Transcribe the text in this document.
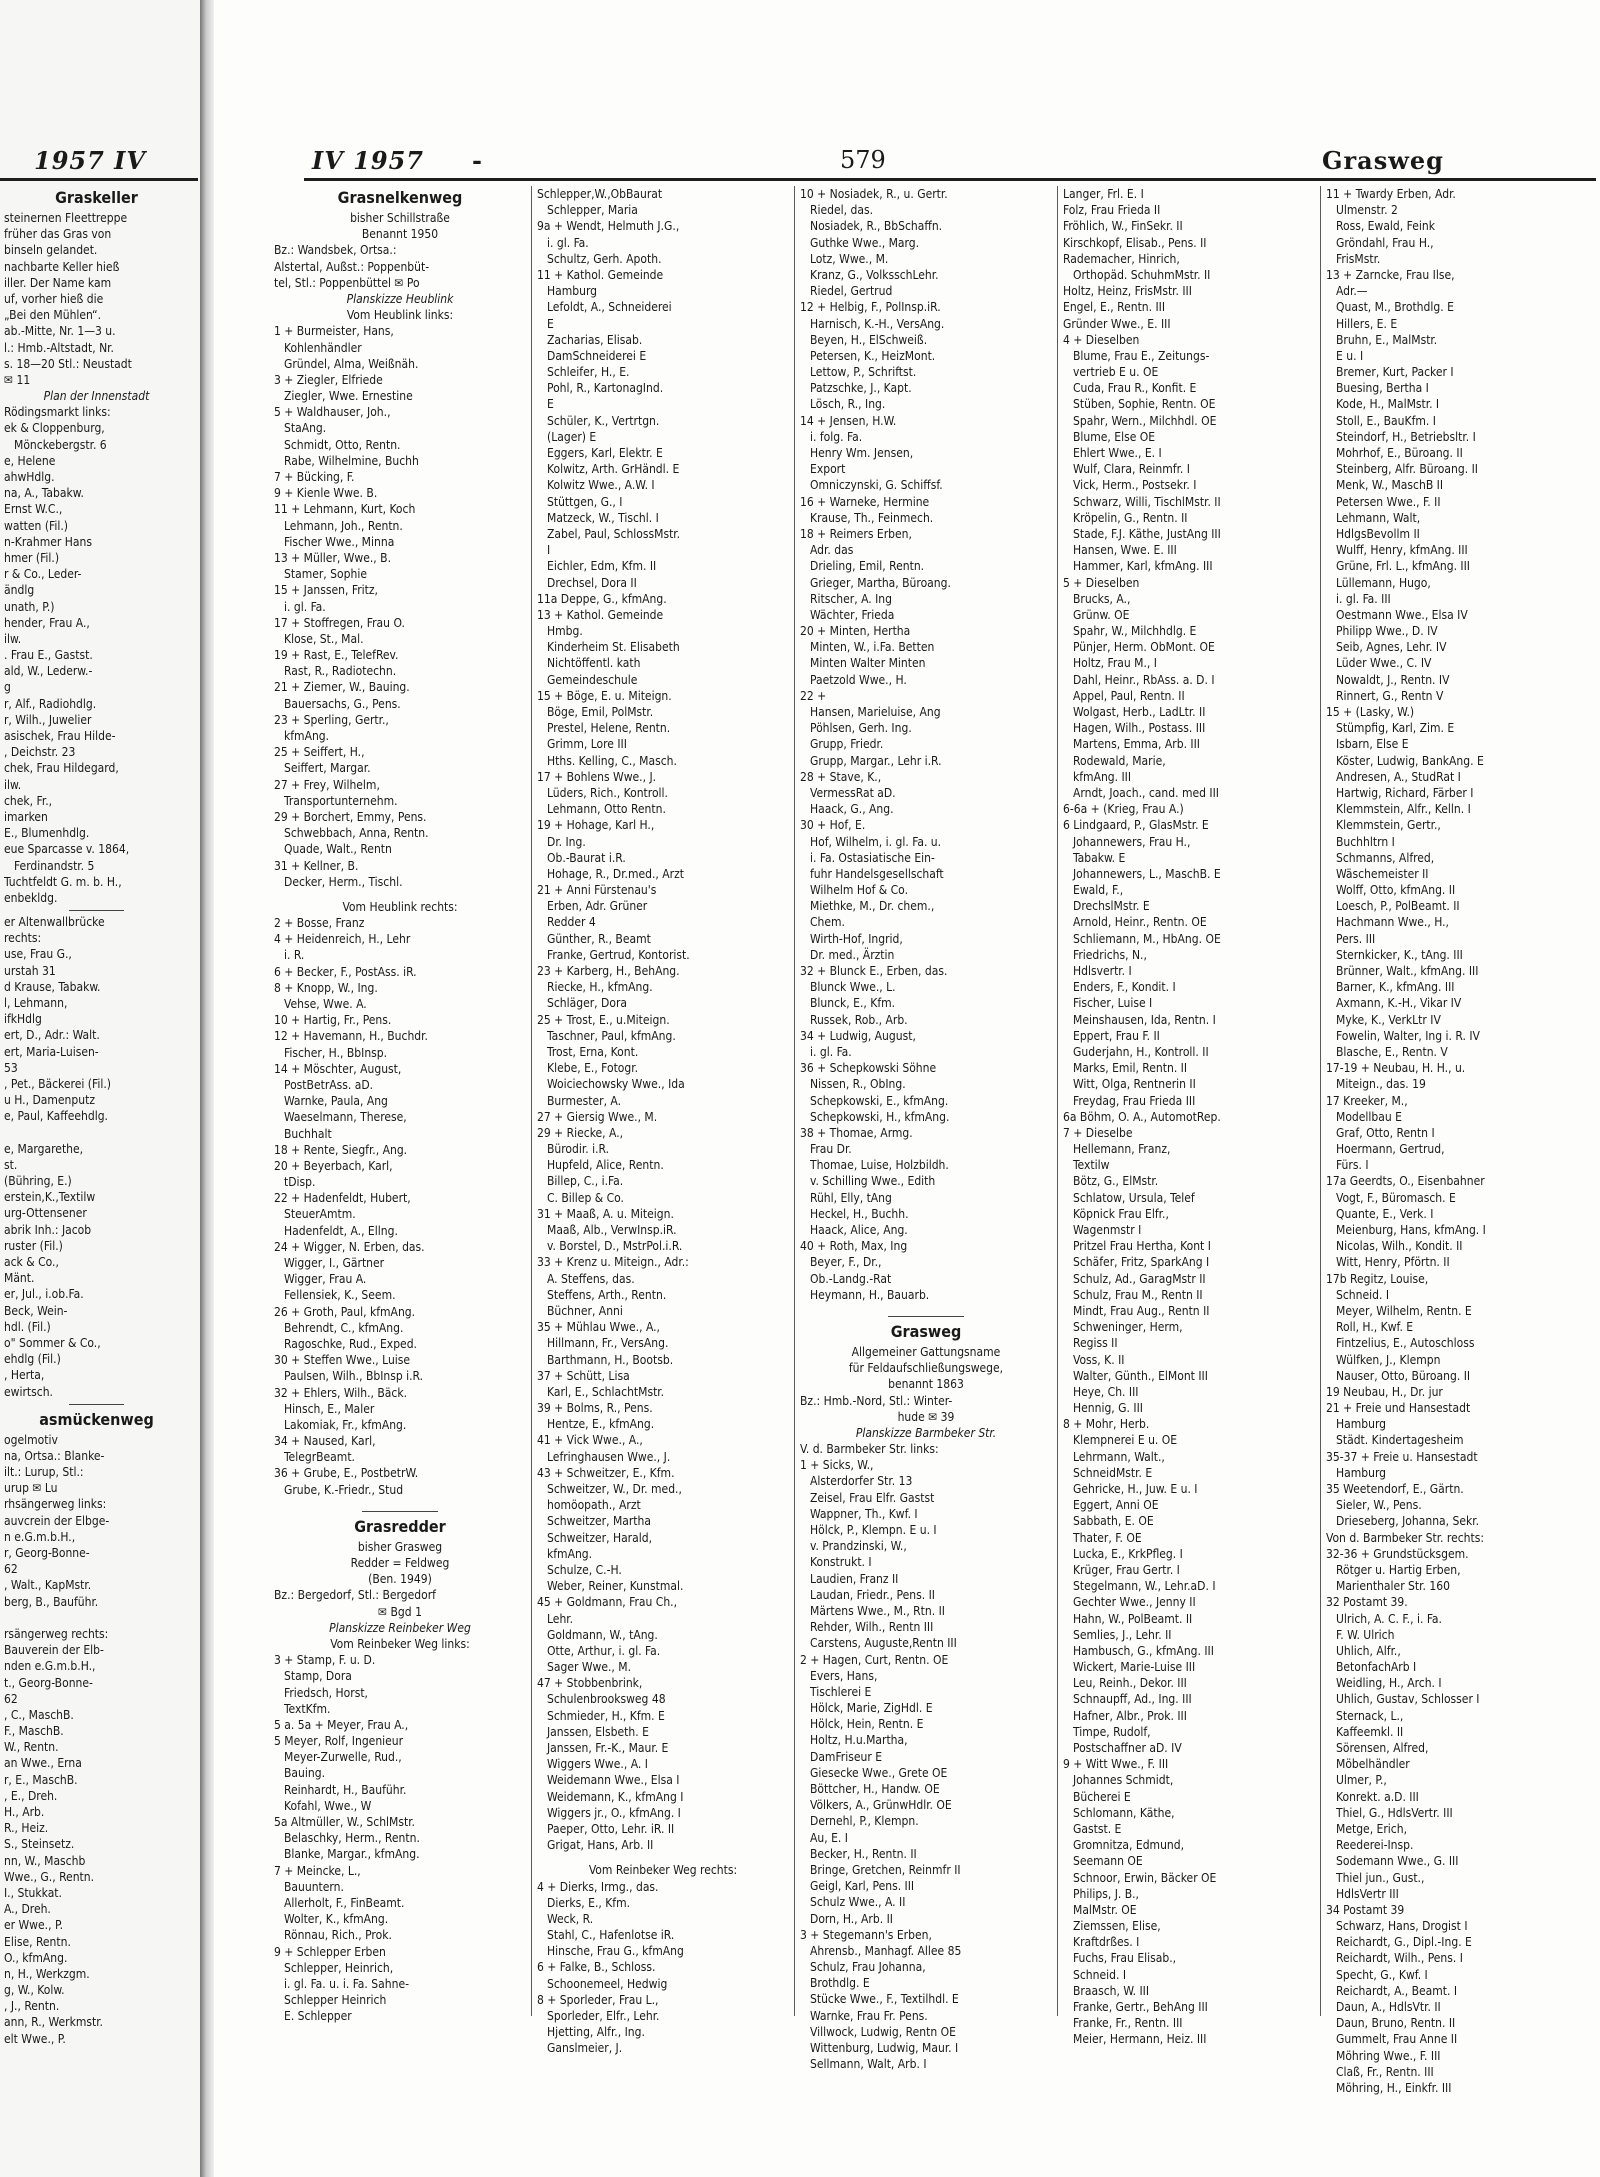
1957 IV
Graskeller
steinernen Fleettreppe
früher das Gras von
binseln gelandet.
nachbarte Keller hieß
iller. Der Name kam
uf, vorher hieß die
„Bei den Mühlen“.
ab.-Mitte, Nr. 1—3 u.
l.: Hmb.-Altstadt, Nr.
s. 18—20 Stl.: Neustadt
✉ 11
Plan der Innenstadt
Rödingsmarkt links:
ek & Cloppenburg,
Mönckebergstr. 6
e, Helene
ahwHdlg.
na, A., Tabakw.
Ernst W.C.,
watten (Fil.)
n-Krahmer Hans
hmer (Fil.)
r & Co., Leder-
ändlg
unath, P.)
hender, Frau A.,
ilw.
. Frau E., Gastst.
ald, W., Lederw.-
g
r, Alf., Radiohdlg.
r, Wilh., Juwelier
asischek, Frau Hilde-
, Deichstr. 23
chek, Frau Hildegard,
ilw.
chek, Fr.,
imarken
E., Blumenhdlg.
eue Sparcasse v. 1864,
Ferdinandstr. 5
Tuchtfeldt G. m. b. H.,
enbekldg.
er Altenwallbrücke
rechts:
use, Frau G.,
urstah 31
d Krause, Tabakw.
l, Lehmann,
ifkHdlg
ert, D., Adr.: Walt.
ert, Maria-Luisen-
53
, Pet., Bäckerei (Fil.)
u H., Damenputz
e, Paul, Kaffeehdlg.
e, Margarethe,
st.
(Bühring, E.)
erstein,K.,Textilw
urg-Ottensener
abrik Inh.: Jacob
ruster (Fil.)
ack & Co.,
Mänt.
er, Jul., i.ob.Fa.
Beck, Wein-
hdl. (Fil.)
o" Sommer & Co.,
ehdlg (Fil.)
, Herta,
ewirtsch.
asmückenweg
ogelmotiv
na, Ortsa.: Blanke-
ilt.: Lurup, Stl.:
urup ✉ Lu
rhsängerweg links:
auvcrein der Elbge-
n e.G.m.b.H.,
r, Georg-Bonne-
62
, Walt., KapMstr.
berg, B., Bauführ.
rsängerweg rechts:
Bauverein der Elb-
nden e.G.m.b.H.,
t., Georg-Bonne-
62
, C., MaschB.
F., MaschB.
W., Rentn.
an Wwe., Erna
r, E., MaschB.
, E., Dreh.
H., Arb.
R., Heiz.
S., Steinsetz.
nn, W., Maschb
Wwe., G., Rentn.
I., Stukkat.
A., Dreh.
er Wwe., P.
Elise, Rentn.
O., kfmAng.
n, H., Werkzgm.
g, W., Kolw.
, J., Rentn.
ann, R., Werkmstr.
elt Wwe., P.
IV 1957 -	579	Grasweg
Grasnelkenweg
bisher Schillstraße
Benannt 1950
Bz.: Wandsbek, Ortsa.:
Alstertal, Außst.: Poppenbüt-
tel, Stl.: Poppenbüttel ✉ Po
Planskizze Heublink
Vom Heublink links:
1 + Burmeister, Hans,
Kohlenhändler
Gründel, Alma, Weißnäh.
3 + Ziegler, Elfriede
Ziegler, Wwe. Ernestine
5 + Waldhauser, Joh.,
StaAng.
Schmidt, Otto, Rentn.
Rabe, Wilhelmine, Buchh
7 + Bücking, F.
9 + Kienle Wwe. B.
11 + Lehmann, Kurt, Koch
Lehmann, Joh., Rentn.
Fischer Wwe., Minna
13 + Müller, Wwe., B.
Stamer, Sophie
15 + Janssen, Fritz,
i. gl. Fa.
17 + Stoffregen, Frau O.
Klose, St., Mal.
19 + Rast, E., TelefRev.
Rast, R., Radiotechn.
21 + Ziemer, W., Bauing.
Bauersachs, G., Pens.
23 + Sperling, Gertr.,
kfmAng.
25 + Seiffert, H.,
Seiffert, Margar.
27 + Frey, Wilhelm,
Transportunternehm.
29 + Borchert, Emmy, Pens.
Schwebbach, Anna, Rentn.
Quade, Walt., Rentn
31 + Kellner, B.
Decker, Herm., Tischl.
Vom Heublink rechts:
2 + Bosse, Franz
4 + Heidenreich, H., Lehr
i. R.
6 + Becker, F., PostAss. iR.
8 + Knopp, W., Ing.
Vehse, Wwe. A.
10 + Hartig, Fr., Pens.
12 + Havemann, H., Buchdr.
Fischer, H., BbInsp.
14 + Möschter, August,
PostBetrAss. aD.
Warnke, Paula, Ang
Waeselmann, Therese,
Buchhalt
18 + Rente, Siegfr., Ang.
20 + Beyerbach, Karl,
tDisp.
22 + Hadenfeldt, Hubert,
SteuerAmtm.
Hadenfeldt, A., Ellng.
24 + Wigger, N. Erben, das.
Wigger, I., Gärtner
Wigger, Frau A.
Fellensiek, K., Seem.
26 + Groth, Paul, kfmAng.
Behrendt, C., kfmAng.
Ragoschke, Rud., Exped.
30 + Steffen Wwe., Luise
Paulsen, Wilh., BbInsp i.R.
32 + Ehlers, Wilh., Bäck.
Hinsch, E., Maler
Lakomiak, Fr., kfmAng.
34 + Naused, Karl,
TelegrBeamt.
36 + Grube, E., PostbetrW.
Grube, K.-Friedr., Stud
Grasredder
bisher Grasweg
Redder = Feldweg
(Ben. 1949)
Bz.: Bergedorf, Stl.: Bergedorf
✉ Bgd 1
Planskizze Reinbeker Weg
Vom Reinbeker Weg links:
3 + Stamp, F. u. D.
Stamp, Dora
Friedsch, Horst,
TextKfm.
5 a. 5a + Meyer, Frau A.,
5 Meyer, Rolf, Ingenieur
Meyer-Zurwelle, Rud.,
Bauing.
Reinhardt, H., Bauführ.
Kofahl, Wwe., W
5a Altmüller, W., SchlMstr.
Belaschky, Herm., Rentn.
Blanke, Margar., kfmAng.
7 + Meincke, L.,
Bauuntern.
Allerholt, F., FinBeamt.
Wolter, K., kfmAng.
Rönnau, Rich., Prok.
9 + Schlepper Erben
Schlepper, Heinrich,
i. gl. Fa. u. i. Fa. Sahne-
Schlepper Heinrich
E. Schlepper
Schlepper,W.,ObBaurat
Schlepper, Maria
9a + Wendt, Helmuth J.G.,
i. gl. Fa.
Schultz, Gerh. Apoth.
11 + Kathol. Gemeinde
Hamburg
Lefoldt, A., Schneiderei
E
Zacharias, Elisab.
DamSchneiderei E
Schleifer, H., E.
Pohl, R., KartonagInd.
E
Schüler, K., Vertrtgn.
(Lager) E
Eggers, Karl, Elektr. E
Kolwitz, Arth. GrHändl. E
Kolwitz Wwe., A.W. I
Stüttgen, G., I
Matzeck, W., Tischl. I
Zabel, Paul, SchlossMstr.
I
Eichler, Edm, Kfm. II
Drechsel, Dora II
11a Deppe, G., kfmAng.
13 + Kathol. Gemeinde
Hmbg.
Kinderheim St. Elisabeth
Nichtöffentl. kath
Gemeindeschule
15 + Böge, E. u. Miteign.
Böge, Emil, PolMstr.
Prestel, Helene, Rentn.
Grimm, Lore III
Hths. Kelling, C., Masch.
17 + Bohlens Wwe., J.
Lüders, Rich., Kontroll.
Lehmann, Otto Rentn.
19 + Hohage, Karl H.,
Dr. Ing.
Ob.-Baurat i.R.
Hohage, R., Dr.med., Arzt
21 + Anni Fürstenau's
Erben, Adr. Grüner
Redder 4
Günther, R., Beamt
Franke, Gertrud, Kontorist.
23 + Karberg, H., BehAng.
Riecke, H., kfmAng.
Schläger, Dora
25 + Trost, E., u.Miteign.
Taschner, Paul, kfmAng.
Trost, Erna, Kont.
Klebe, E., Fotogr.
Woiciechowsky Wwe., Ida
Burmester, A.
27 + Giersig Wwe., M.
29 + Riecke, A.,
Bürodir. i.R.
Hupfeld, Alice, Rentn.
Billep, C., i.Fa.
C. Billep & Co.
31 + Maaß, A. u. Miteign.
Maaß, Alb., VerwInsp.iR.
v. Borstel, D., MstrPol.i.R.
33 + Krenz u. Miteign., Adr.:
A. Steffens, das.
Steffens, Arth., Rentn.
Büchner, Anni
35 + Mühlau Wwe., A.,
Hillmann, Fr., VersAng.
Barthmann, H., Bootsb.
37 + Schütt, Lisa
Karl, E., SchlachtMstr.
39 + Bolms, R., Pens.
Hentze, E., kfmAng.
41 + Vick Wwe., A.,
Lefringhausen Wwe., J.
43 + Schweitzer, E., Kfm.
Schweitzer, W., Dr. med.,
homöopath., Arzt
Schweitzer, Martha
Schweitzer, Harald,
kfmAng.
Schulze, C.-H.
Weber, Reiner, Kunstmal.
45 + Goldmann, Frau Ch.,
Lehr.
Goldmann, W., tAng.
Otte, Arthur, i. gl. Fa.
Sager Wwe., M.
47 + Stobbenbrink,
Schulenbrooksweg 48
Schmieder, H., Kfm. E
Janssen, Elsbeth. E
Janssen, Fr.-K., Maur. E
Wiggers Wwe., A. I
Weidemann Wwe., Elsa I
Weidemann, K., kfmAng I
Wiggers jr., O., kfmAng. I
Paeper, Otto, Lehr. iR. II
Grigat, Hans, Arb. II
Vom Reinbeker Weg rechts:
4 + Dierks, Irmg., das.
Dierks, E., Kfm.
Weck, R.
Stahl, C., Hafenlotse iR.
Hinsche, Frau G., kfmAng
6 + Falke, B., Schloss.
Schoonemeel, Hedwig
8 + Sporleder, Frau L.,
Sporleder, Elfr., Lehr.
Hjetting, Alfr., Ing.
Ganslmeier, J.
10 + Nosiadek, R., u. Gertr.
Riedel, das.
Nosiadek, R., BbSchaffn.
Guthke Wwe., Marg.
Lotz, Wwe., M.
Kranz, G., VolksschLehr.
Riedel, Gertrud
12 + Helbig, F., PolInsp.iR.
Harnisch, K.-H., VersAng.
Beyen, H., ElSchweiß.
Petersen, K., HeizMont.
Lettow, P., Schriftst.
Patzschke, J., Kapt.
Lösch, R., Ing.
14 + Jensen, H.W.
i. folg. Fa.
Henry Wm. Jensen,
Export
Omniczynski, G. Schiffsf.
16 + Warneke, Hermine
Krause, Th., Feinmech.
18 + Reimers Erben,
Adr. das
Drieling, Emil, Rentn.
Grieger, Martha, Büroang.
Ritscher, A. Ing
Wächter, Frieda
20 + Minten, Hertha
Minten, W., i.Fa. Betten
Minten Walter Minten
Paetzold Wwe., H.
22 +
Hansen, Marieluise, Ang
Pöhlsen, Gerh. Ing.
Grupp, Friedr.
Grupp, Margar., Lehr i.R.
28 + Stave, K.,
VermessRat aD.
Haack, G., Ang.
30 + Hof, E.
Hof, Wilhelm, i. gl. Fa. u.
i. Fa. Ostasiatische Ein-
fuhr Handelsgesellschaft
Wilhelm Hof & Co.
Miethke, M., Dr. chem.,
Chem.
Wirth-Hof, Ingrid,
Dr. med., Ärztin
32 + Blunck E., Erben, das.
Blunck Wwe., L.
Blunck, E., Kfm.
Russek, Rob., Arb.
34 + Ludwig, August,
i. gl. Fa.
36 + Schepkowski Söhne
Nissen, R., ObIng.
Schepkowski, E., kfmAng.
Schepkowski, H., kfmAng.
38 + Thomae, Armg.
Frau Dr.
Thomae, Luise, Holzbildh.
v. Schilling Wwe., Edith
Rühl, Elly, tAng
Heckel, H., Buchh.
Haack, Alice, Ang.
40 + Roth, Max, Ing
Beyer, F., Dr.,
Ob.-Landg.-Rat
Heymann, H., Bauarb.
Grasweg
Allgemeiner Gattungsname
für Feldaufschließungswege,
benannt 1863
Bz.: Hmb.-Nord, Stl.: Winter-
hude ✉ 39
Planskizze Barmbeker Str.
V. d. Barmbeker Str. links:
1 + Sicks, W.,
Alsterdorfer Str. 13
Zeisel, Frau Elfr. Gastst
Wappner, Th., Kwf. I
Hölck, P., Klempn. E u. I
v. Prandzinski, W.,
Konstrukt. I
Laudien, Franz II
Laudan, Friedr., Pens. II
Märtens Wwe., M., Rtn. II
Rehder, Wilh., Rentn III
Carstens, Auguste,Rentn III
2 + Hagen, Curt, Rentn. OE
Evers, Hans,
Tischlerei E
Hölck, Marie, ZigHdl. E
Hölck, Hein, Rentn. E
Holtz, H.u.Martha,
DamFriseur E
Giesecke Wwe., Grete OE
Böttcher, H., Handw. OE
Völkers, A., GrünwHdlr. OE
Dernehl, P., Klempn.
Au, E. I
Becker, H., Rentn. II
Bringe, Gretchen, Reinmfr II
Geigl, Karl, Pens. III
Schulz Wwe., A. II
Dorn, H., Arb. II
3 + Stegemann's Erben,
Ahrensb., Manhagf. Allee 85
Schulz, Frau Johanna,
Brothdlg. E
Stücke Wwe., F., Textilhdl. E
Warnke, Frau Fr. Pens.
Villwock, Ludwig, Rentn OE
Wittenburg, Ludwig, Maur. I
Sellmann, Walt, Arb. I
Langer, Frl. E. I
Folz, Frau Frieda II
Fröhlich, W., FinSekr. II
Kirschkopf, Elisab., Pens. II
Rademacher, Hinrich,
Orthopäd. SchuhmMstr. II
Holtz, Heinz, FrisMstr. III
Engel, E., Rentn. III
Gründer Wwe., E. III
4 + Dieselben
Blume, Frau E., Zeitungs-
vertrieb E u. OE
Cuda, Frau R., Konfit. E
Stüben, Sophie, Rentn. OE
Spahr, Wern., Milchhdl. OE
Blume, Else OE
Ehlert Wwe., E. I
Wulf, Clara, Reinmfr. I
Vick, Herm., Postsekr. I
Schwarz, Willi, TischlMstr. II
Kröpelin, G., Rentn. II
Stade, F.J. Käthe, JustAng III
Hansen, Wwe. E. III
Hammer, Karl, kfmAng. III
5 + Dieselben
Brucks, A.,
Grünw. OE
Spahr, W., Milchhdlg. E
Pünjer, Herm. ObMont. OE
Holtz, Frau M., I
Dahl, Heinr., RbAss. a. D. I
Appel, Paul, Rentn. II
Wolgast, Herb., LadLtr. II
Hagen, Wilh., Postass. III
Martens, Emma, Arb. III
Rodewald, Marie,
kfmAng. III
Arndt, Joach., cand. med III
6-6a + (Krieg, Frau A.)
6 Lindgaard, P., GlasMstr. E
Johannewers, Frau H.,
Tabakw. E
Johannewers, L., MaschB. E
Ewald, F.,
DrechslMstr. E
Arnold, Heinr., Rentn. OE
Schliemann, M., HbAng. OE
Friedrichs, N.,
Hdlsvertr. I
Enders, F., Kondit. I
Fischer, Luise I
Meinshausen, Ida, Rentn. I
Eppert, Frau F. II
Guderjahn, H., Kontroll. II
Marks, Emil, Rentn. II
Witt, Olga, Rentnerin II
Freydag, Frau Frieda III
6a Böhm, O. A., AutomotRep.
7 + Dieselbe
Hellemann, Franz,
Textilw
Bötz, G., ElMstr.
Schlatow, Ursula, Telef
Köpnick Frau Elfr.,
Wagenmstr I
Pritzel Frau Hertha, Kont I
Schäfer, Fritz, SparkAng I
Schulz, Ad., GaragMstr II
Schulz, Frau M., Rentn II
Mindt, Frau Aug., Rentn II
Schweninger, Herm,
Regiss II
Voss, K. II
Walter, Günth., ElMont III
Heye, Ch. III
Hennig, G. III
8 + Mohr, Herb.
Klempnerei E u. OE
Lehrmann, Walt.,
SchneidMstr. E
Gehricke, H., Juw. E u. I
Eggert, Anni OE
Sabbath, E. OE
Thater, F. OE
Lucka, E., KrkPfleg. I
Krüger, Frau Gertr. I
Stegelmann, W., Lehr.aD. I
Gechter Wwe., Jenny II
Hahn, W., PolBeamt. II
Semlies, J., Lehr. II
Hambusch, G., kfmAng. III
Wickert, Marie-Luise III
Leu, Reinh., Dekor. III
Schnaupff, Ad., Ing. III
Hafner, Albr., Prok. III
Timpe, Rudolf,
Postschaffner aD. IV
9 + Witt Wwe., F. III
Johannes Schmidt,
Bücherei E
Schlomann, Käthe,
Gastst. E
Gromnitza, Edmund,
Seemann OE
Schnoor, Erwin, Bäcker OE
Philips, J. B.,
MalMstr. OE
Ziemssen, Elise,
Kraftdrßes. I
Fuchs, Frau Elisab.,
Schneid. I
Braasch, W. III
Franke, Gertr., BehAng III
Franke, Fr., Rentn. III
Meier, Hermann, Heiz. III
11 + Twardy Erben, Adr.
Ulmenstr. 2
Ross, Ewald, Feink
Gröndahl, Frau H.,
FrisMstr.
13 + Zarncke, Frau Ilse,
Adr.—
Quast, M., Brothdlg. E
Hillers, E. E
Bruhn, E., MalMstr.
E u. I
Bremer, Kurt, Packer I
Buesing, Bertha I
Kode, H., MalMstr. I
Stoll, E., BauKfm. I
Steindorf, H., Betriebsltr. I
Mohrhof, E., Büroang. II
Steinberg, Alfr. Büroang. II
Menk, W., MaschB II
Petersen Wwe., F. II
Lehmann, Walt,
HdlgsBevollm II
Wulff, Henry, kfmAng. III
Grüne, Frl. L., kfmAng. III
Lüllemann, Hugo,
i. gl. Fa. III
Oestmann Wwe., Elsa IV
Philipp Wwe., D. IV
Seib, Agnes, Lehr. IV
Lüder Wwe., C. IV
Nowaldt, J., Rentn. IV
Rinnert, G., Rentn V
15 + (Lasky, W.)
Stümpfig, Karl, Zim. E
Isbarn, Else E
Köster, Ludwig, BankAng. E
Andresen, A., StudRat I
Hartwig, Richard, Färber I
Klemmstein, Alfr., Kelln. I
Klemmstein, Gertr.,
Buchhltrn I
Schmanns, Alfred,
Wäschemeister II
Wolff, Otto, kfmAng. II
Loesch, P., PolBeamt. II
Hachmann Wwe., H.,
Pers. III
Sternkicker, K., tAng. III
Brünner, Walt., kfmAng. III
Barner, K., kfmAng. III
Axmann, K.-H., Vikar IV
Myke, K., VerkLtr IV
Fowelin, Walter, Ing i. R. IV
Blasche, E., Rentn. V
17-19 + Neubau, H. H., u.
Miteign., das. 19
17 Kreeker, M.,
Modellbau E
Graf, Otto, Rentn I
Hoermann, Gertrud,
Fürs. I
17a Geerdts, O., Eisenbahner
Vogt, F., Büromasch. E
Quante, E., Verk. I
Meienburg, Hans, kfmAng. I
Nicolas, Wilh., Kondit. II
Witt, Henry, Pförtn. II
17b Regitz, Louise,
Schneid. I
Meyer, Wilhelm, Rentn. E
Roll, H., Kwf. E
Fintzelius, E., Autoschloss
Wülfken, J., Klempn
Nauser, Otto, Büroang. II
19 Neubau, H., Dr. jur
21 + Freie und Hansestadt
Hamburg
Städt. Kindertagesheim
35-37 + Freie u. Hansestadt
Hamburg
35 Weetendorf, E., Gärtn.
Sieler, W., Pens.
Drieseberg, Johanna, Sekr.
Von d. Barmbeker Str. rechts:
32-36 + Grundstücksgem.
Rötger u. Hartig Erben,
Marienthaler Str. 160
32 Postamt 39.
Ulrich, A. C. F., i. Fa.
F. W. Ulrich
Uhlich, Alfr.,
BetonfachArb I
Weidling, H., Arch. I
Uhlich, Gustav, Schlosser I
Sternack, L.,
Kaffeemkl. II
Sörensen, Alfred,
Möbelhändler
Ulmer, P.,
Konrekt. a.D. III
Thiel, G., HdlsVertr. III
Metge, Erich,
Reederei-Insp.
Sodemann Wwe., G. III
Thiel jun., Gust.,
HdlsVertr III
34 Postamt 39
Schwarz, Hans, Drogist I
Reichardt, G., Dipl.-Ing. E
Reichardt, Wilh., Pens. I
Specht, G., Kwf. I
Reichardt, A., Beamt. I
Daun, A., HdlsVtr. II
Daun, Bruno, Rentn. II
Gummelt, Frau Anne II
Möhring Wwe., F. III
Claß, Fr., Rentn. III
Möhring, H., Einkfr. III
